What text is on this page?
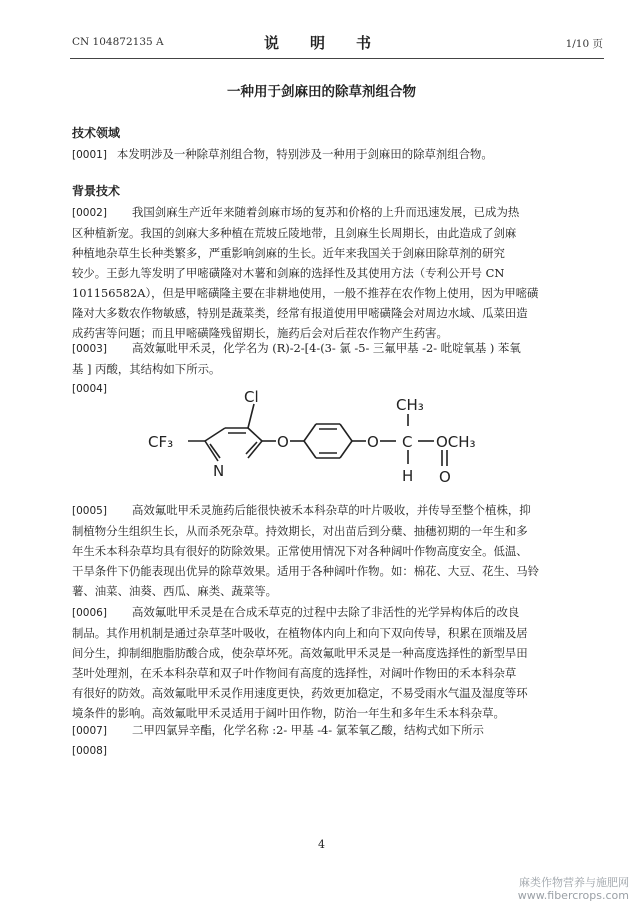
CN 104872135 A	说　明　书	1/10 页
一种用于剑麻田的除草剂组合物
技术领域
[0001] 本发明涉及一种除草剂组合物，特别涉及一种用于剑麻田的除草剂组合物。
背景技术
[0002]　 我国剑麻生产近年来随着剑麻市场的复苏和价格的上升而迅速发展，已成为热
区种植新宠。我国的剑麻大多种植在荒坡丘陵地带，且剑麻生长周期长，由此造成了剑麻
种植地杂草生长种类繁多，严重影响剑麻的生长。近年来我国关于剑麻田除草剂的研究
较少。王彭九等发明了甲嘧磺隆对木薯和剑麻的选择性及其使用方法（专利公开号 CN
101156582A），但是甲嘧磺隆主要在非耕地使用，一般不推荐在农作物上使用，因为甲嘧磺
隆对大多数农作物敏感，特别是蔬菜类，经常有报道使用甲嘧磺隆会对周边水域、瓜菜田造
成药害等问题；而且甲嘧磺隆残留期长，施药后会对后茬农作物产生药害。
[0003]　 高效氟吡甲禾灵，化学名为 (R)-2-[4-(3- 氯 -5- 三氟甲基 -2- 吡啶氧基 ) 苯氧
基 ] 丙酸，其结构如下所示。
[0004]	Cl
CF₃
N
O	O
CH₃
C
H
OCH₃
O
[0005]　 高效氟吡甲禾灵施药后能很快被禾本科杂草的叶片吸收，并传导至整个植株，抑
制植物分生组织生长，从而杀死杂草。持效期长，对出苗后到分蘖、抽穗初期的一年生和多
年生禾本科杂草均具有很好的防除效果。正常使用情况下对各种阔叶作物高度安全。低温、
干旱条件下仍能表现出优异的除草效果。适用于各种阔叶作物。如：棉花、大豆、花生、马铃
薯、油菜、油葵、西瓜、麻类、蔬菜等。
[0006]　 高效氟吡甲禾灵是在合成禾草克的过程中去除了非活性的光学异构体后的改良
制品。其作用机制是通过杂草茎叶吸收，在植物体内向上和向下双向传导，积累在顶端及居
间分生，抑制细胞脂肪酸合成，使杂草坏死。高效氟吡甲禾灵是一种高度选择性的新型旱田
茎叶处理剂，在禾本科杂草和双子叶作物间有高度的选择性，对阔叶作物田的禾本科杂草
有很好的防效。高效氟吡甲禾灵作用速度更快，药效更加稳定，不易受雨水气温及湿度等环
境条件的影响。高效氟吡甲禾灵适用于阔叶田作物，防治一年生和多年生禾本科杂草。
[0007]　 二甲四氯异辛酯，化学名称 :2- 甲基 -4- 氯苯氧乙酸，结构式如下所示
[0008]
4
麻类作物营养与施肥网
www.fibercrops.com
